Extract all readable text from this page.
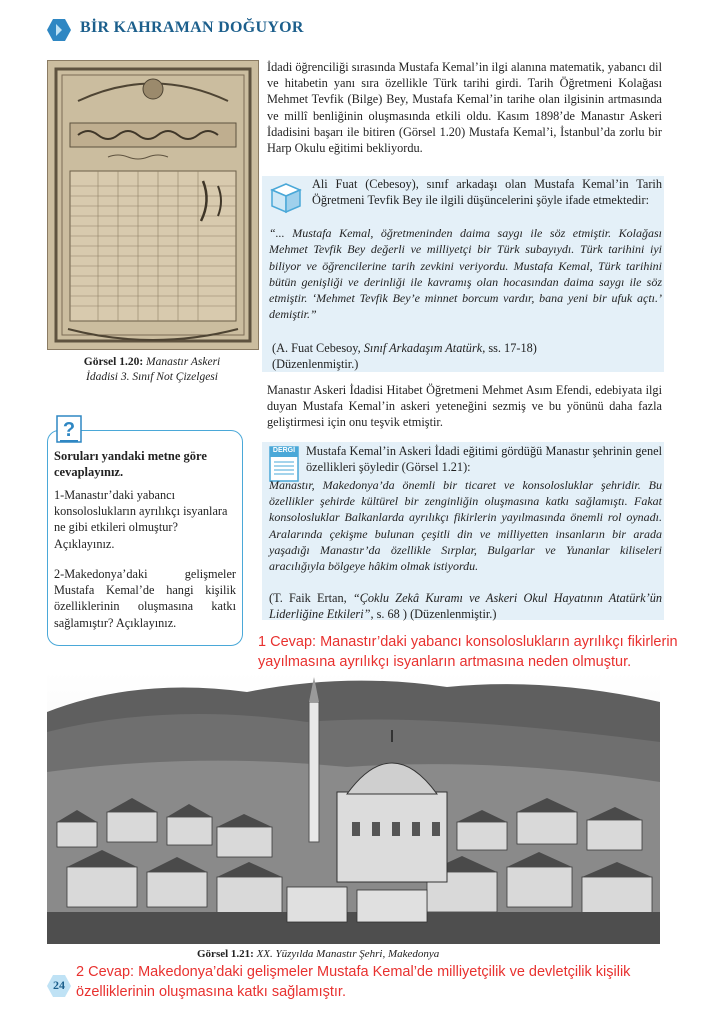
BİR KAHRAMAN DOĞUYOR
Görsel 1.20: Manastır Askeri
İdadisi 3. Sınıf Not Çizelgesi
İdadi öğrenciliği sırasında Mustafa Kemal’in ilgi alanına matematik, yabancı dil ve hitabetin yanı sıra özellikle Türk tarihi girdi. Tarih Öğretmeni Kolağası Mehmet Tevfik (Bilge) Bey, Mustafa Kemal’in tarihe olan ilgisinin artmasında ve millî benliğinin oluşmasında etkili oldu. Kasım 1898’de Manastır Askeri İdadisini başarı ile bitiren (Görsel 1.20) Mustafa Kemal’i, İstanbul’da zorlu bir Harp Okulu eğitimi bekliyordu.
Ali Fuat (Cebesoy), sınıf arkadaşı olan Mustafa Kemal’in Tarih Öğretmeni Tevfik Bey ile ilgili düşüncelerini şöyle ifade etmektedir:
“... Mustafa Kemal, öğretmeninden daima saygı ile söz etmiştir. Kolağası Mehmet Tevfik Bey değerli ve milliyetçi bir Türk subayıydı. Türk tarihini iyi biliyor ve öğrencilerine tarih zevkini veriyordu. Mustafa Kemal, Türk tarihini bütün genişliği ve derinliği ile kavramış olan hocasından daima saygı ile söz etmiştir. ‘Mehmet Tevfik Bey’e minnet borcum vardır, bana yeni bir ufuk açtı.’ demiştir.”
(A. Fuat Cebesoy, Sınıf Arkadaşım Atatürk, ss. 17-18)
(Düzenlenmiştir.)
Manastır Askeri İdadisi Hitabet Öğretmeni Mehmet Asım Efendi, edebiyata ilgi duyan Mustafa Kemal’in askeri yeteneğini sezmiş ve bu yönünü daha fazla geliştirmesi için onu teşvik etmiştir.
DERGİ Mustafa Kemal’in Askeri İdadi eğitimi gördüğü Manastır şehrinin genel özellikleri şöyledir (Görsel 1.21):
Manastır, Makedonya’da önemli bir ticaret ve konsolosluklar şehridir. Bu özellikler şehirde kültürel bir zenginliğin oluşmasına katkı sağlamıştı. Fakat konsolosluklar Balkanlarda ayrılıkçı fikirlerin yayılmasında önemli rol oynadı. Aralarında çekişme bulunan çeşitli din ve milliyetten insanların bir arada yaşadığı Manastır’da özellikle Sırplar, Bulgarlar ve Yunanlar kiliseleri aracılığıyla bölgeye hâkim olmak istiyordu.
(T. Faik Ertan, “Çoklu Zekâ Kuramı ve Askeri Okul Hayatının Atatürk’ün Liderliğine Etkileri”, s. 68 ) (Düzenlenmiştir.)
?
Soruları yandaki metne göre cevaplayınız.
1-Manastır’daki yabancı konsoloslukların ayrılıkçı isyanlara ne gibi etkileri olmuştur? Açıklayınız.
2-Makedonya’daki gelişmeler Mustafa Kemal’de hangi kişilik özelliklerinin oluşmasına katkı sağlamıştır? Açıklayınız.
1 Cevap: Manastır’daki yabancı konsoloslukların ayrılıkçı fikirlerin yayılmasına ayrılıkçı isyanların artmasına neden olmuştur.
Görsel 1.21: XX. Yüzyılda Manastır Şehri, Makedonya
24
2 Cevap: Makedonya’daki gelişmeler Mustafa Kemal’de milliyetçilik ve devletçilik kişilik özelliklerinin oluşmasına katkı sağlamıştır.
